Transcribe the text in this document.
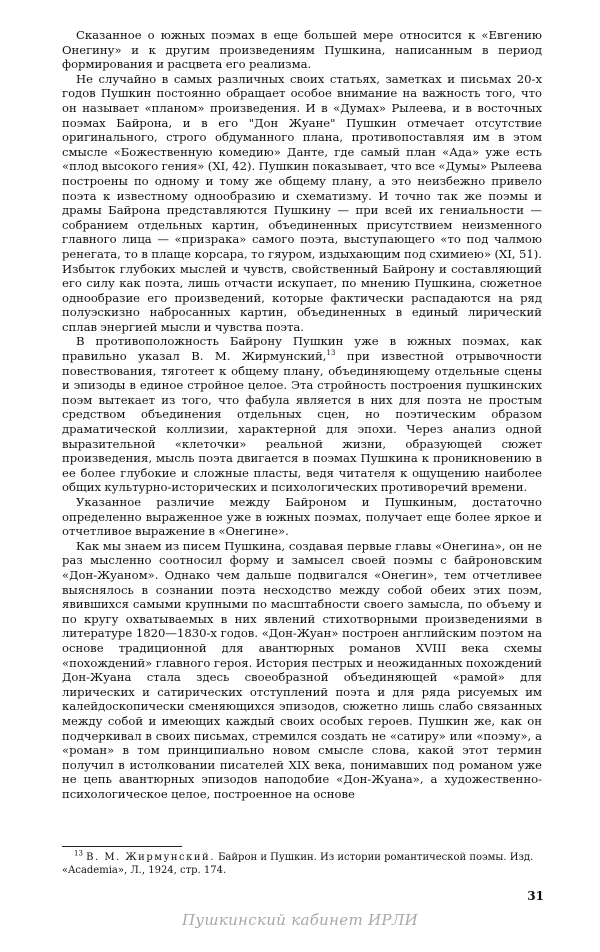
Сказанное о южных поэмах в еще большей мере относится к «Евгению Онегину» и к другим произведениям Пушкина, написанным в период формирования и расцвета его реализма.

Не случайно в самых различных своих статьях, заметках и письмах 20-х годов Пушкин постоянно обращает особое внимание на важность того, что он называет «планом» произведения. И в «Думах» Рылеева, и в восточных поэмах Байрона, и в его "Дон Жуане" Пушкин отмечает отсутствие оригинального, строго обдуманного плана, противопоставляя им в этом смысле «Божественную комедию» Данте, где самый план «Ада» уже есть «плод высокого гения» (XI, 42). Пушкин показывает, что все «Думы» Рылеева построены по одному и тому же общему плану, а это неизбежно привело поэта к известному однообразию и схематизму. И точно так же поэмы и драмы Байрона представляются Пушкину — при всей их гениальности — собранием отдельных картин, объединенных присутствием неизменного главного лица — «призрака» самого поэта, выступающего «то под чалмою ренегата, то в плаще корсара, то гяуром, издыхающим под схимиею» (XI, 51). Избыток глубоких мыслей и чувств, свойственный Байрону и составляющий его силу как поэта, лишь отчасти искупает, по мнению Пушкина, сюжетное однообразие его произведений, которые фактически распадаются на ряд полуэскизно набросанных картин, объединенных в единый лирический сплав энергией мысли и чувства поэта.

В противоположность Байрону Пушкин уже в южных поэмах, как правильно указал В. М. Жирмунский,$^{13}$ при известной отрывочности повествования, тяготеет к общему плану, объединяющему отдельные сцены и эпизоды в единое стройное целое. Эта стройность построения пушкинских поэм вытекает из того, что фабула является в них для поэта не простым средством объединения отдельных сцен, но поэтическим образом драматической коллизии, характерной для эпохи. Через анализ одной выразительной «клеточки» реальной жизни, образующей сюжет произведения, мысль поэта двигается в поэмах Пушкина к проникновению в ее более глубокие и сложные пласты, ведя читателя к ощущению наиболее общих культурно-исторических и психологических противоречий времени.

Указанное различие между Байроном и Пушкиным, достаточно определенно выраженное уже в южных поэмах, получает еще более яркое и отчетливое выражение в «Онегине».

Как мы знаем из писем Пушкина, создавая первые главы «Онегина», он не раз мысленно соотносил форму и замысел своей поэмы с байроновским «Дон-Жуаном». Однако чем дальше подвигался «Онегин», тем отчетливее выяснялось в сознании поэта несходство между собой обеих этих поэм, явившихся самыми крупными по масштабности своего замысла, по объему и по кругу охватываемых в них явлений стихотворными произведениями в литературе 1820—1830-х годов. «Дон-Жуан» построен английским поэтом на основе традиционной для авантюрных романов XVIII века схемы «похождений» главного героя. История пестрых и неожиданных похождений Дон-Жуана стала здесь своеобразной объединяющей «рамой» для лирических и сатирических отступлений поэта и для ряда рисуемых им калейдоскопически сменяющихся эпизодов, сюжетно лишь слабо связанных между собой и имеющих каждый своих особых героев. Пушкин же, как он подчеркивал в своих письмах, стремился создать не «сатиру» или «поэму», а «роман» в том принципиально новом смысле слова, какой этот термин получил в истолковании писателей XIX века, понимавших под романом уже не цепь авантюрных эпизодов наподобие «Дон-Жуана», а художественно-психологическое целое, построенное на основе

$^{13}$ В. М. Жирмунский. Байрон и Пушкин. Из истории романтической поэмы. Изд. «Academia», Л., 1924, стр. 174.
31
Пушкинский кабинет ИРЛИ
